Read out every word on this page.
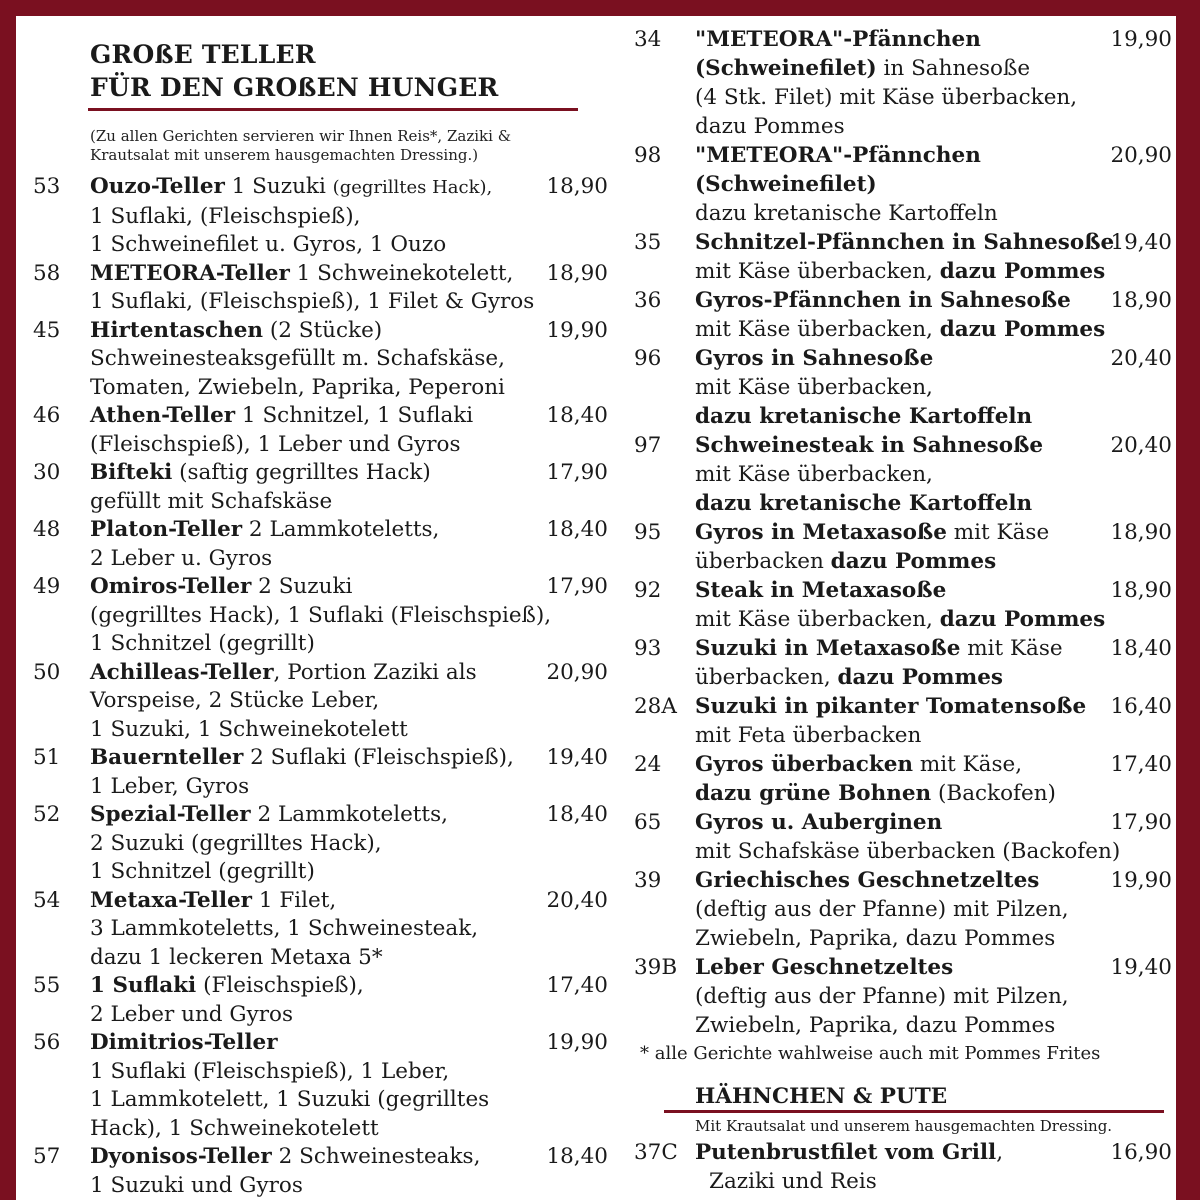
GROßE TELLER
FÜR DEN GROßEN HUNGER
(Zu allen Gerichten servieren wir Ihnen Reis*, Zaziki &
Krautsalat mit unserem hausgemachten Dressing.)
53	Ouzo-Teller 1 Suzuki (gegrilltes Hack),
1 Suflaki, (Fleischspieß),
1 Schweinefilet u. Gyros, 1 Ouzo
18,90
58	METEORA-Teller 1 Schweinekotelett,
1 Suflaki, (Fleischspieß), 1 Filet & Gyros
18,90
45	Hirtentaschen (2 Stücke)
Schweinesteaksgefüllt m. Schafskäse,
Tomaten, Zwiebeln, Paprika, Peperoni
19,90
46	Athen-Teller 1 Schnitzel, 1 Suflaki
(Fleischspieß), 1 Leber und Gyros
18,40
30	Bifteki (saftig gegrilltes Hack)
gefüllt mit Schafskäse
17,90
48	Platon-Teller 2 Lammkoteletts,
2 Leber u. Gyros
18,40
49	Omiros-Teller 2 Suzuki
(gegrilltes Hack), 1 Suflaki (Fleischspieß),
1 Schnitzel (gegrillt)
17,90
50	Achilleas-Teller, Portion Zaziki als
Vorspeise, 2 Stücke Leber,
1 Suzuki, 1 Schweinekotelett
20,90
51	Bauernteller 2 Suflaki (Fleischspieß),
1 Leber, Gyros
19,40
52	Spezial-Teller 2 Lammkoteletts,
2 Suzuki (gegrilltes Hack),
1 Schnitzel (gegrillt)
18,40
54	Metaxa-Teller 1 Filet,
3 Lammkoteletts, 1 Schweinesteak,
dazu 1 leckeren Metaxa 5*
20,40
55	1 Suflaki (Fleischspieß),
2 Leber und Gyros
17,40
56	Dimitrios-Teller
1 Suflaki (Fleischspieß), 1 Leber,
1 Lammkotelett, 1 Suzuki (gegrilltes
Hack), 1 Schweinekotelett
19,90
57	Dyonisos-Teller 2 Schweinesteaks,
1 Suzuki und Gyros
18,40
34	"METEORA"-Pfännchen
(Schweinefilet) in Sahnesoße
(4 Stk. Filet) mit Käse überbacken,
dazu Pommes
19,90
98	"METEORA"-Pfännchen
(Schweinefilet)
dazu kretanische Kartoffeln
20,90
35	Schnitzel-Pfännchen in Sahnesoße
mit Käse überbacken, dazu Pommes
19,40
36	Gyros-Pfännchen in Sahnesoße
mit Käse überbacken, dazu Pommes
18,90
96	Gyros in Sahnesoße
mit Käse überbacken,
dazu kretanische Kartoffeln
20,40
97	Schweinesteak in Sahnesoße
mit Käse überbacken,
dazu kretanische Kartoffeln
20,40
95	Gyros in Metaxasoße mit Käse
überbacken dazu Pommes
18,90
92	Steak in Metaxasoße
mit Käse überbacken, dazu Pommes
18,90
93	Suzuki in Metaxasoße mit Käse
überbacken, dazu Pommes
18,40
28A Suzuki in pikanter Tomatensoße
mit Feta überbacken
16,40
24	Gyros überbacken mit Käse,
dazu grüne Bohnen (Backofen)
17,40
65	Gyros u. Auberginen
mit Schafskäse überbacken (Backofen)
17,90
39	Griechisches Geschnetzeltes
(deftig aus der Pfanne) mit Pilzen,
Zwiebeln, Paprika, dazu Pommes
19,90
39B Leber Geschnetzeltes
(deftig aus der Pfanne) mit Pilzen,
Zwiebeln, Paprika, dazu Pommes
19,40
* alle Gerichte wahlweise auch mit Pommes Frites
HÄHNCHEN & PUTE
Mit Krautsalat und unserem hausgemachten Dressing.
37C Putenbrustfilet vom Grill,
Zaziki und Reis
16,90
